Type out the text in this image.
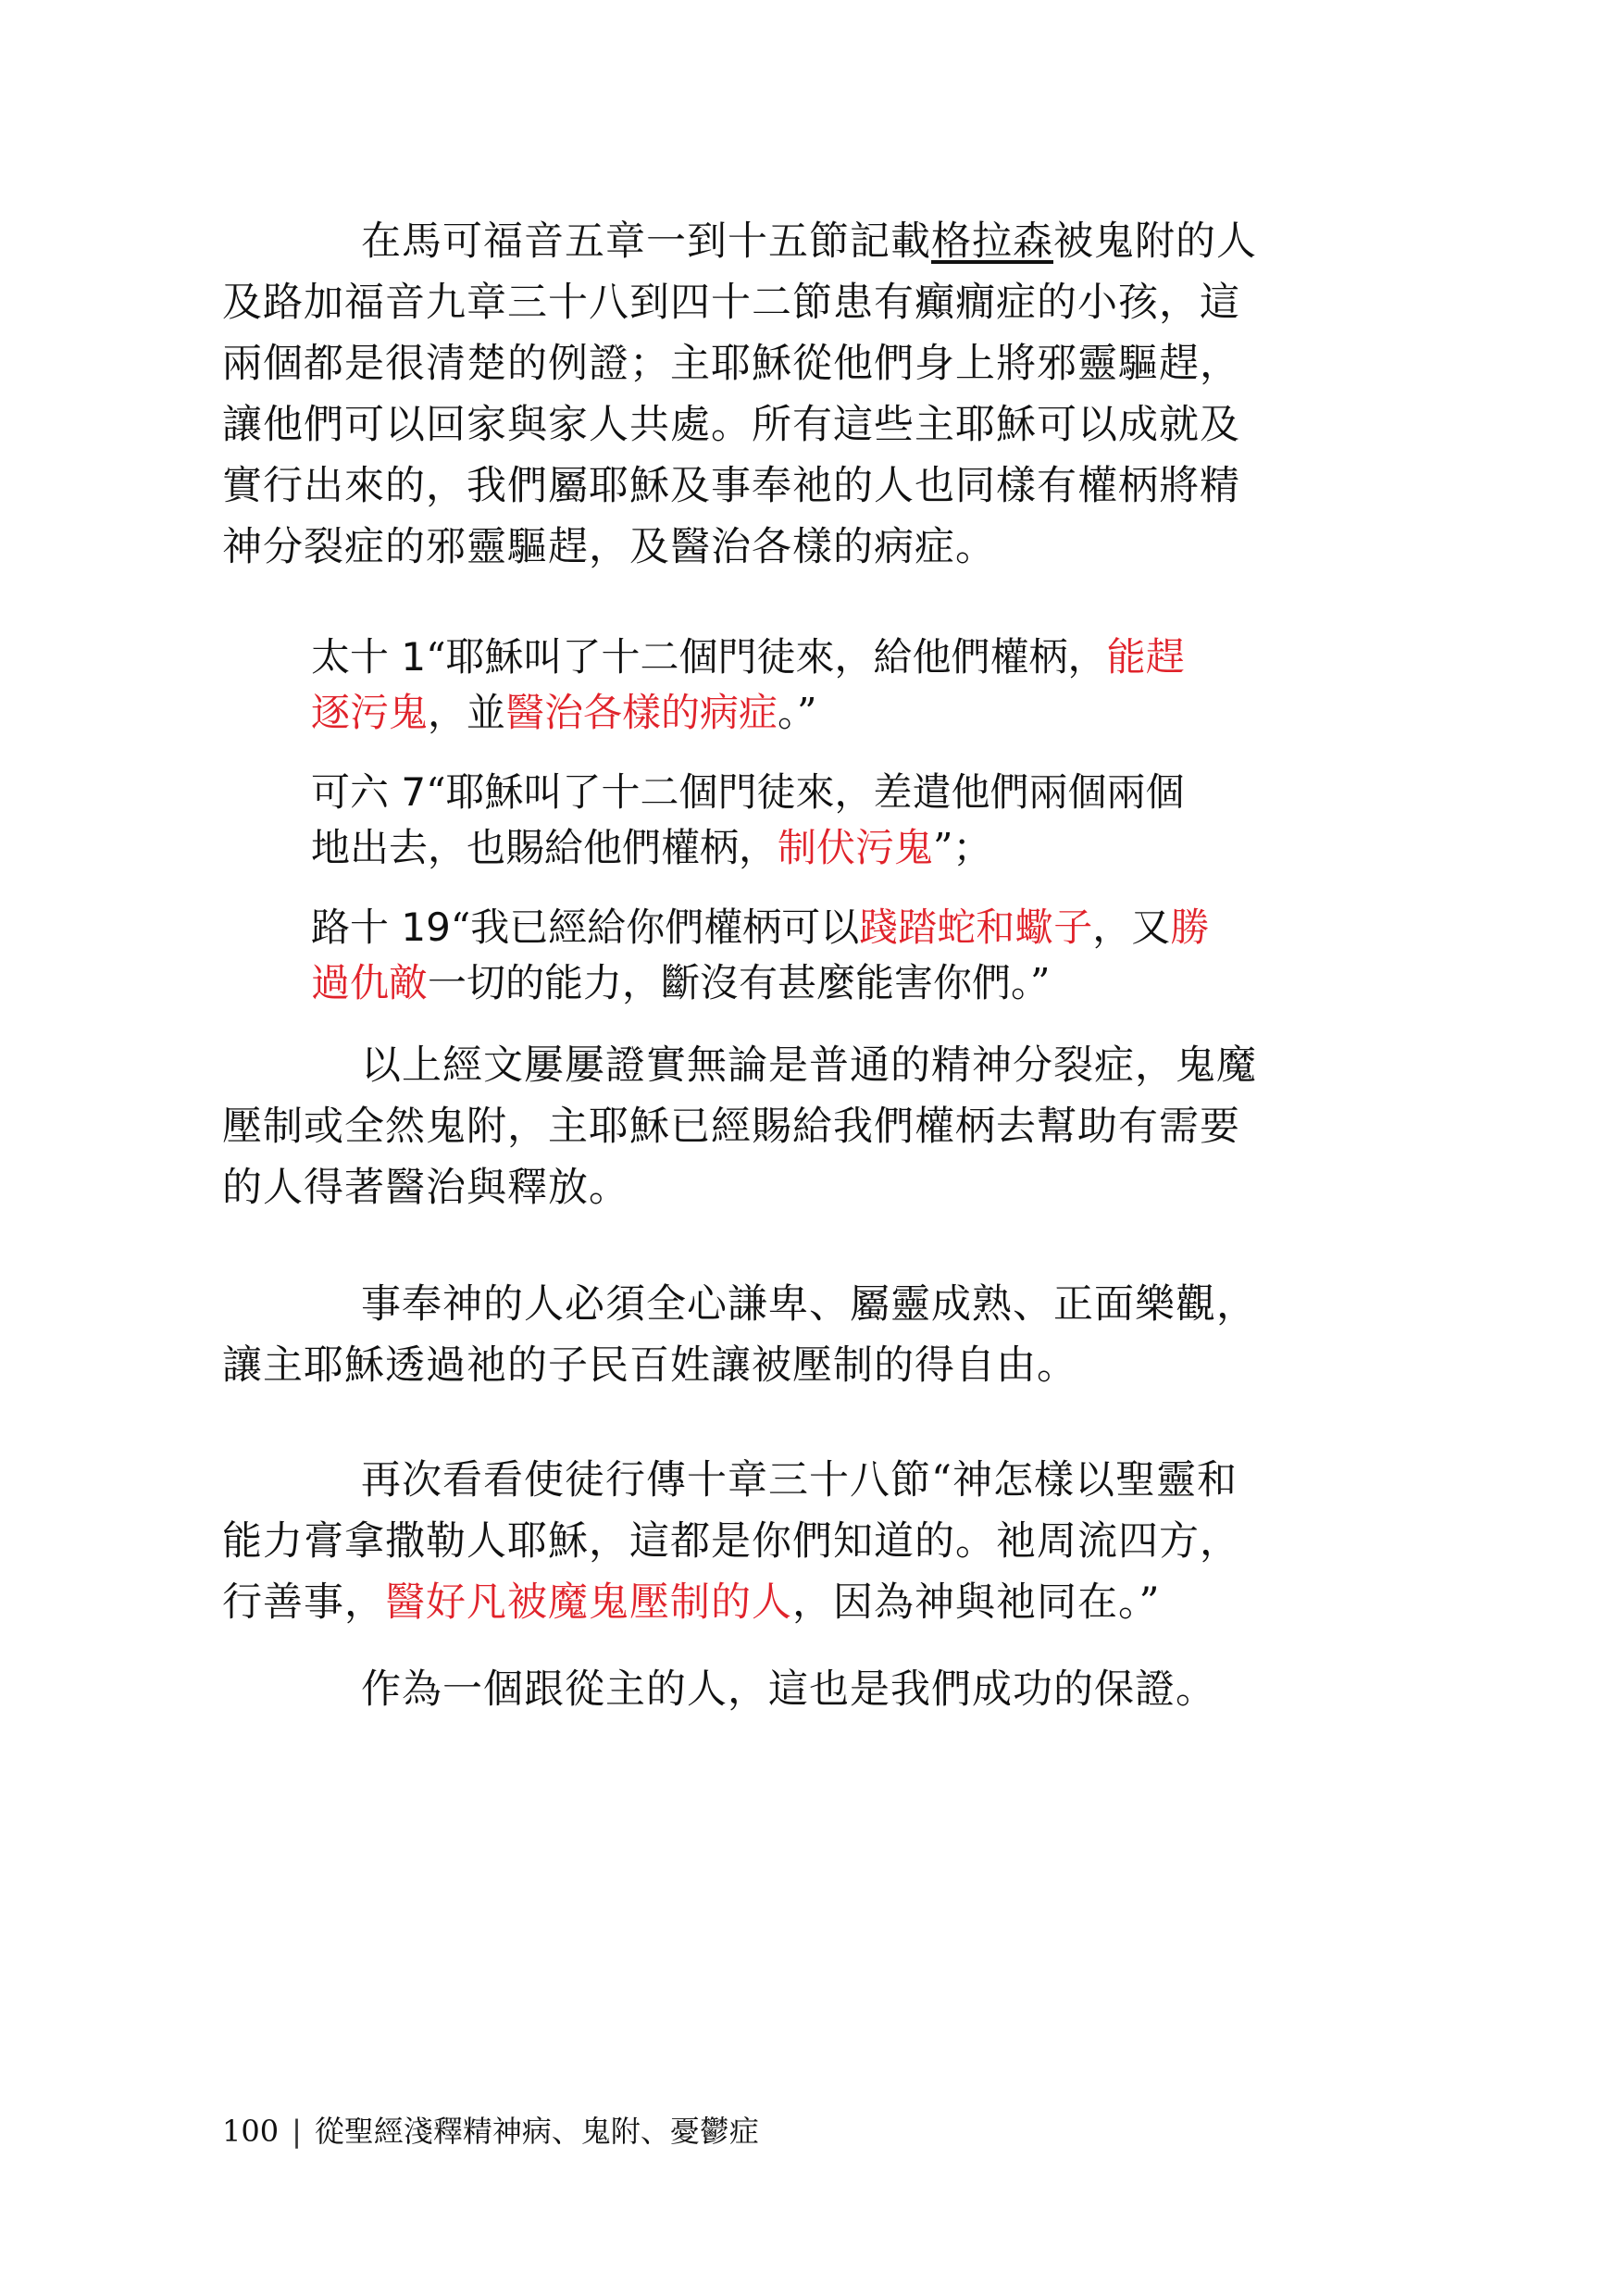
在馬可福音五章一到十五節記載格拉森被鬼附的人
及路加福音九章三十八到四十二節患有癲癇症的小孩，這
兩個都是很清楚的例證；主耶穌從他們身上將邪靈驅趕，
讓他們可以回家與家人共處。所有這些主耶穌可以成就及
實行出來的，我們屬耶穌及事奉祂的人也同樣有權柄將精
神分裂症的邪靈驅趕，及醫治各樣的病症。
太十 1“耶穌叫了十二個門徒來，給他們權柄，能趕
逐污鬼，並醫治各樣的病症。”
可六 7“耶穌叫了十二個門徒來，差遣他們兩個兩個
地出去，也賜給他們權柄，制伏污鬼”；
路十 19“我已經給你們權柄可以踐踏蛇和蠍子，又勝
過仇敵一切的能力，斷沒有甚麼能害你們。”
以上經文屢屢證實無論是普通的精神分裂症，鬼魔
壓制或全然鬼附，主耶穌已經賜給我們權柄去幫助有需要
的人得著醫治與釋放。
事奉神的人必須全心謙卑、屬靈成熟、正面樂觀，
讓主耶穌透過祂的子民百姓讓被壓制的得自由。
再次看看使徒行傳十章三十八節“神怎樣以聖靈和
能力膏拿撒勒人耶穌，這都是你們知道的。祂周流四方，
行善事，醫好凡被魔鬼壓制的人，因為神與祂同在。”
作為一個跟從主的人，這也是我們成功的保證。
100 | 從聖經淺釋精神病、鬼附、憂鬱症
